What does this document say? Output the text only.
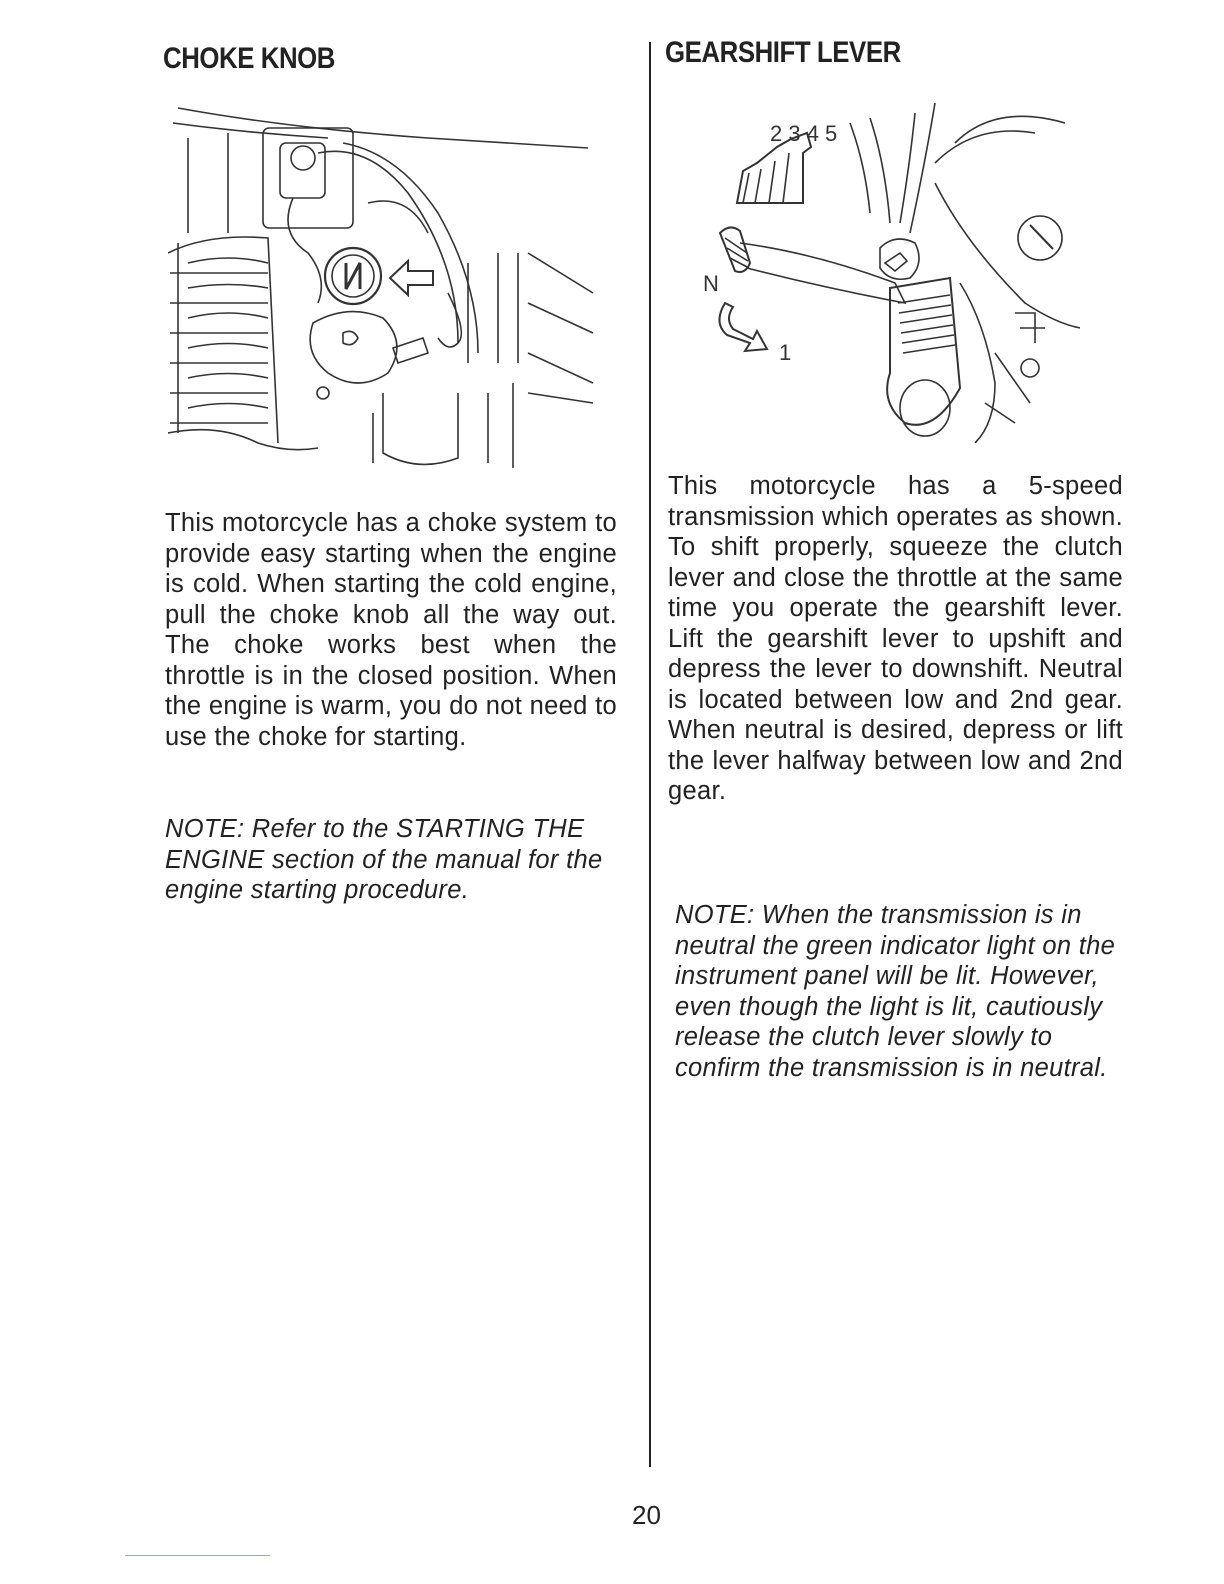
CHOKE KNOB	GEARSHIFT LEVER
2 3 4 5
N
1

This motorcycle has a choke system to provide easy starting when the engine is cold. When starting the cold engine, pull the choke knob all the way out. The choke works best when the throttle is in the closed position. When the engine is warm, you do not need to use the choke for starting.

NOTE: Refer to the STARTING THE ENGINE section of the manual for the engine starting procedure.

This motorcycle has a 5-speed transmission which operates as shown. To shift properly, squeeze the clutch lever and close the throttle at the same time you operate the gearshift lever. Lift the gearshift lever to upshift and depress the lever to downshift. Neutral is located between low and 2nd gear. When neutral is desired, depress or lift the lever halfway between low and 2nd gear.

NOTE: When the transmission is in neutral the green indicator light on the instrument panel will be lit. However, even though the light is lit, cautiously release the clutch lever slowly to confirm the transmission is in neutral.

20
